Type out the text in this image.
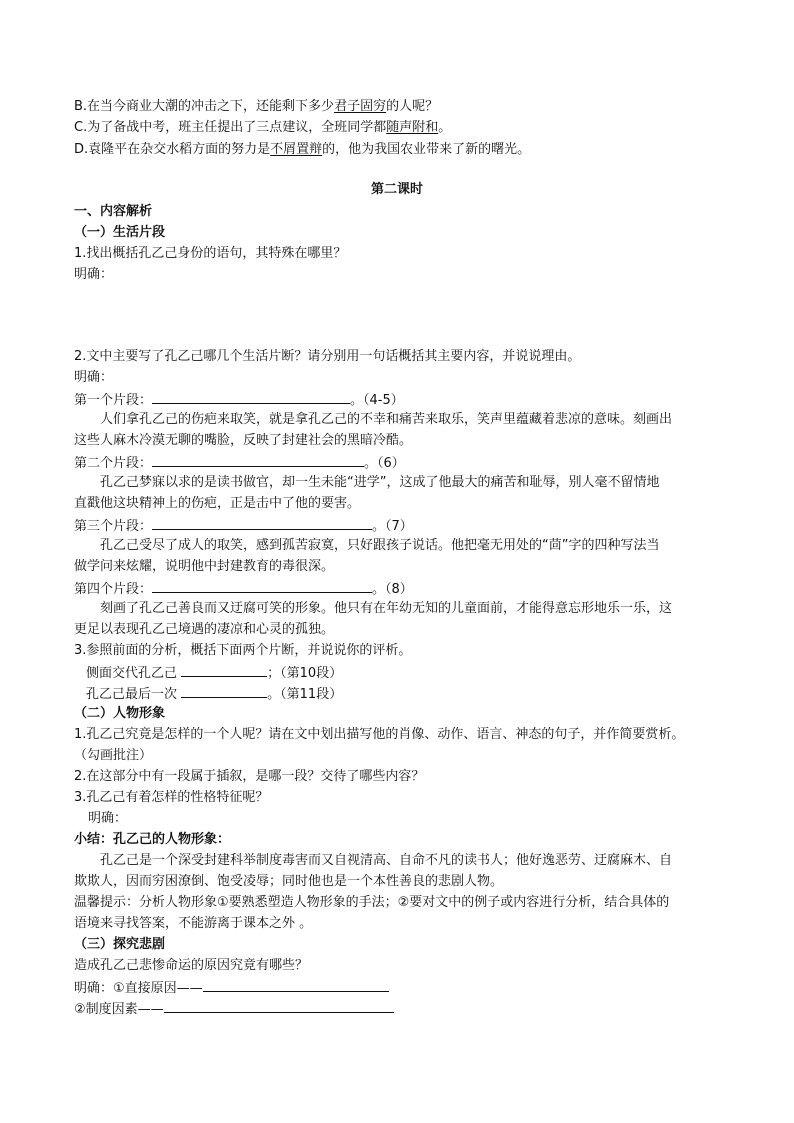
B.在当今商业大潮的冲击之下，还能剩下多少君子固穷的人呢？
C.为了备战中考，班主任提出了三点建议，全班同学都随声附和。
D.袁隆平在杂交水稻方面的努力是不屑置辩的，他为我国农业带来了新的曙光。
第二课时
一、内容解析
（一）生活片段
1.找出概括孔乙己身份的语句，其特殊在哪里？
明确：
2.文中主要写了孔乙己哪几个生活片断？请分别用一句话概括其主要内容，并说说理由。
明确：
第一个片段：	。（4-5）
人们拿孔乙己的伤疤来取笑，就是拿孔乙己的不幸和痛苦来取乐，笑声里蕴藏着悲凉的意味。刻画出
这些人麻木冷漠无聊的嘴脸，反映了封建社会的黑暗冷酷。
第二个片段：	。（6）
孔乙己梦寐以求的是读书做官，却一生未能“进学”，这成了他最大的痛苦和耻辱，别人毫不留情地
直戳他这块精神上的伤疤，正是击中了他的要害。
第三个片段：	。（7）
孔乙己受尽了成人的取笑，感到孤苦寂寞，只好跟孩子说话。他把毫无用处的“茴”字的四种写法当
做学问来炫耀，说明他中封建教育的毒很深。
第四个片段：	。（8）
刻画了孔乙己善良而又迂腐可笑的形象。他只有在年幼无知的儿童面前，才能得意忘形地乐一乐，这
更足以表现孔乙己境遇的凄凉和心灵的孤独。
3.参照前面的分析，概括下面两个片断，并说说你的评析。
侧面交代孔乙己	；（第10段）
孔乙己最后一次	。（第11段）
（二）人物形象
1.孔乙己究竟是怎样的一个人呢？请在文中划出描写他的肖像、动作、语言、神态的句子，并作简要赏析。
（勾画批注）
2.在这部分中有一段属于插叙，是哪一段？交待了哪些内容？
3.孔乙己有着怎样的性格特征呢？
明确：
小结：孔乙己的人物形象：
孔乙己是一个深受封建科举制度毒害而又自视清高、自命不凡的读书人；他好逸恶劳、迂腐麻木、自
欺欺人，因而穷困潦倒、饱受凌辱；同时他也是一个本性善良的悲剧人物。
温馨提示：分析人物形象①要熟悉塑造人物形象的手法；②要对文中的例子或内容进行分析，结合具体的
语境来寻找答案，不能游离于课本之外 。
（三）探究悲剧
造成孔乙己悲惨命运的原因究竟有哪些？
明确：①直接原因——
②制度因素——
